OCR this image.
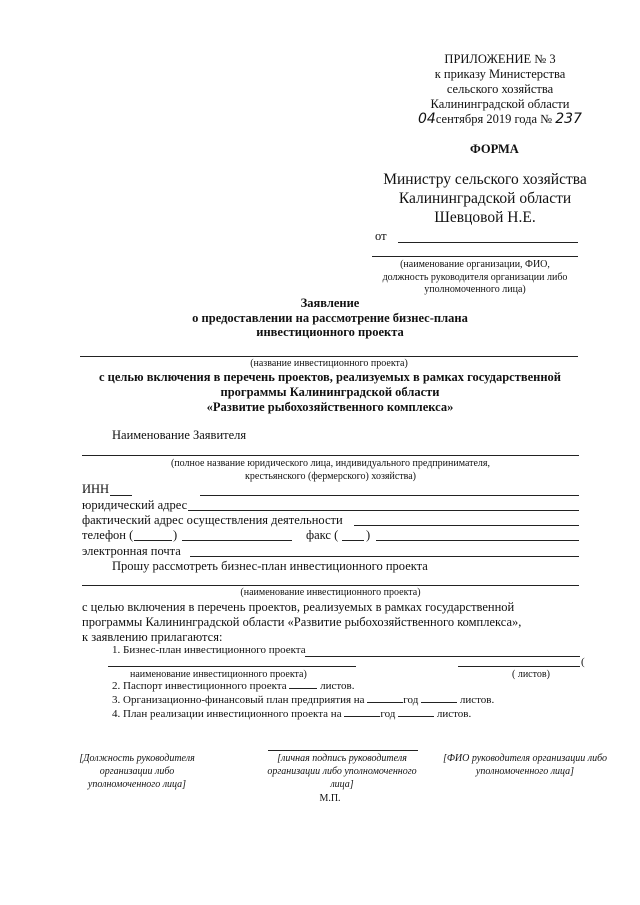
ПРИЛОЖЕНИЕ № 3
к приказу Министерства
сельского хозяйства
Калининградской области
04сентября 2019 года № 237
ФОРМА
Министру сельского хозяйства
Калининградской области
Шевцовой Н.Е.
от
(наименование организации, ФИО,
должность руководителя организации либо
уполномоченного лица)
Заявление
о предоставлении на рассмотрение бизнес-плана
инвестиционного проекта
(название инвестиционного проекта)
с целью включения в перечень проектов, реализуемых в рамках государственной
программы Калининградской области
«Развитие рыбохозяйственного комплекса»
Наименование Заявителя
(полное название юридического лица, индивидуального предпринимателя,
крестьянского (фермерского) хозяйства)
ИНН
юридический адрес
фактический адрес осуществления деятельности
телефон (	)	факс ( )
электронная почта
Прошу рассмотреть бизнес-план инвестиционного проекта
(наименование инвестиционного проекта)
с целью включения в перечень проектов, реализуемых в рамках государственной
программы Калининградской области «Развитие рыбохозяйственного комплекса»,
к заявлению прилагаются:
1. Бизнес-план инвестиционного проекта
(
наименование инвестиционного проекта)	( листов)
2. Паспорт инвестиционного проекта	листов.
3. Организационно-финансовый план предприятия на	год	листов.
4. План реализации инвестиционного проекта на	год	листов.
[Должность руководителя организации либо
уполномоченного лица]
[личная подпись руководителя
организации либо уполномоченного
лица]
[ФИО руководителя организации либо
уполномоченного лица]
М.П.
